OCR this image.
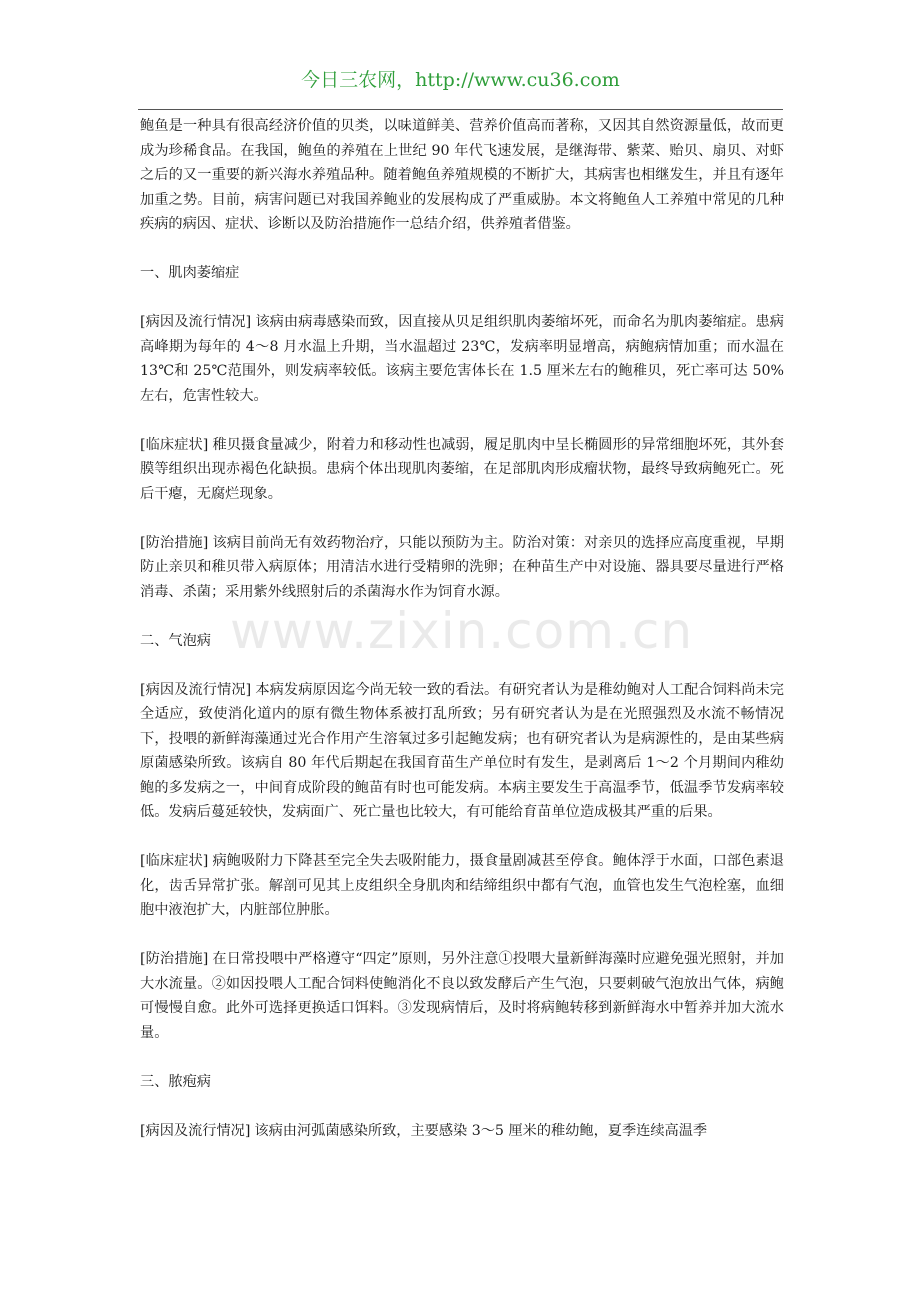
今日三农网，http://www.cu36.com

鲍鱼是一种具有很高经济价值的贝类，以味道鲜美、营养价值高而著称，又因其自然资源量低，故而更成为珍稀食品。在我国，鲍鱼的养殖在上世纪 90 年代飞速发展，是继海带、紫菜、贻贝、扇贝、对虾之后的又一重要的新兴海水养殖品种。随着鲍鱼养殖规模的不断扩大，其病害也相继发生，并且有逐年加重之势。目前，病害问题已对我国养鲍业的发展构成了严重威胁。本文将鲍鱼人工养殖中常见的几种疾病的病因、症状、诊断以及防治措施作一总结介绍，供养殖者借鉴。

一、肌肉萎缩症

[病因及流行情况] 该病由病毒感染而致，因直接从贝足组织肌肉萎缩坏死，而命名为肌肉萎缩症。患病高峰期为每年的 4～8 月水温上升期，当水温超过 23℃，发病率明显增高，病鲍病情加重；而水温在 13℃和 25℃范围外，则发病率较低。该病主要危害体长在 1.5 厘米左右的鲍稚贝，死亡率可达 50%左右，危害性较大。

[临床症状] 稚贝摄食量减少，附着力和移动性也减弱，履足肌肉中呈长椭圆形的异常细胞坏死，其外套膜等组织出现赤褐色化缺损。患病个体出现肌肉萎缩，在足部肌肉形成瘤状物，最终导致病鲍死亡。死后干瘪，无腐烂现象。

[防治措施] 该病目前尚无有效药物治疗，只能以预防为主。防治对策：对亲贝的选择应高度重视，早期防止亲贝和稚贝带入病原体；用清洁水进行受精卵的洗卵；在种苗生产中对设施、器具要尽量进行严格消毒、杀菌；采用紫外线照射后的杀菌海水作为饲育水源。

二、气泡病

[病因及流行情况] 本病发病原因迄今尚无较一致的看法。有研究者认为是稚幼鲍对人工配合饲料尚未完全适应，致使消化道内的原有微生物体系被打乱所致；另有研究者认为是在光照强烈及水流不畅情况下，投喂的新鲜海藻通过光合作用产生溶氧过多引起鲍发病；也有研究者认为是病源性的，是由某些病原菌感染所致。该病自 80 年代后期起在我国育苗生产单位时有发生，是剥离后 1～2 个月期间内稚幼鲍的多发病之一，中间育成阶段的鲍苗有时也可能发病。本病主要发生于高温季节，低温季节发病率较低。发病后蔓延较快，发病面广、死亡量也比较大，有可能给育苗单位造成极其严重的后果。

[临床症状] 病鲍吸附力下降甚至完全失去吸附能力，摄食量剧减甚至停食。鲍体浮于水面，口部色素退化，齿舌异常扩张。解剖可见其上皮组织全身肌肉和结缔组织中都有气泡，血管也发生气泡栓塞，血细胞中液泡扩大，内脏部位肿胀。

[防治措施] 在日常投喂中严格遵守“四定”原则，另外注意①投喂大量新鲜海藻时应避免强光照射，并加大水流量。②如因投喂人工配合饲料使鲍消化不良以致发酵后产生气泡，只要刺破气泡放出气体，病鲍可慢慢自愈。此外可选择更换适口饵料。③发现病情后，及时将病鲍转移到新鲜海水中暂养并加大流水量。

三、脓疱病

[病因及流行情况] 该病由河弧菌感染所致，主要感染 3～5 厘米的稚幼鲍，夏季连续高温季

www.zixin.com.cn
